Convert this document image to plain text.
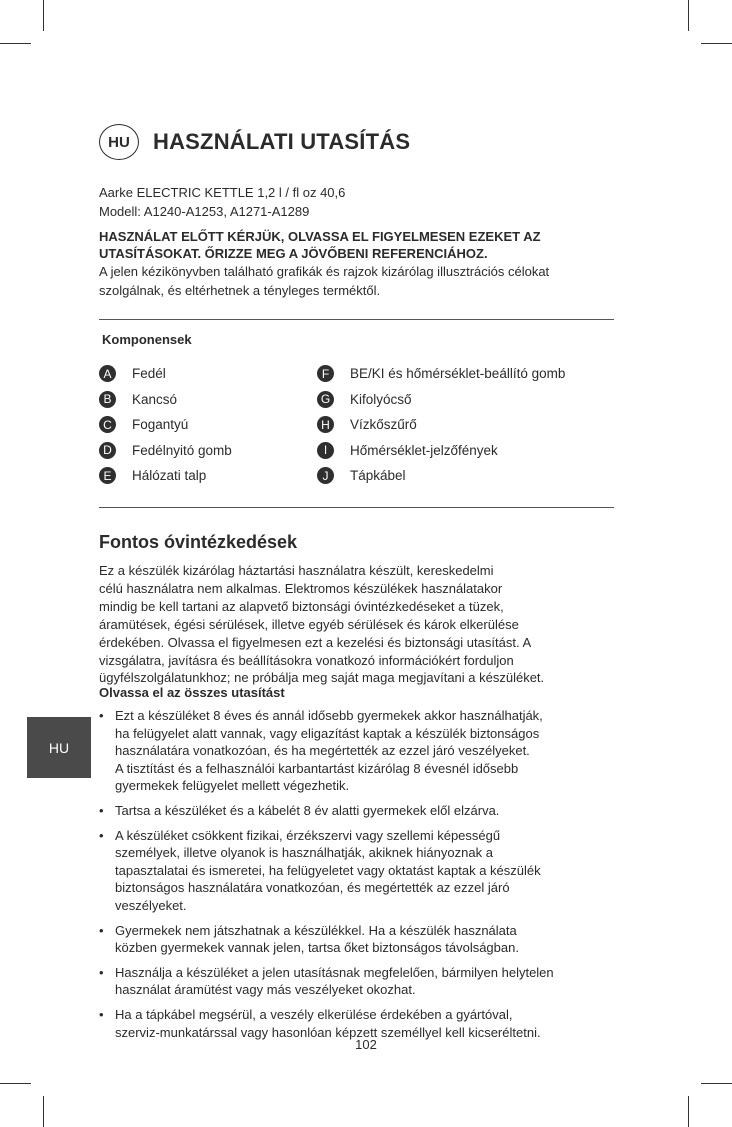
HU	HASZNÁLATI UTASÍTÁS
Aarke ELECTRIC KETTLE 1,2 l / fl oz 40,6
Modell: A1240-A1253, A1271-A1289
HASZNÁLAT ELŐTT KÉRJÜK, OLVASSA EL FIGYELMESEN EZEKET AZ
UTASÍTÁSOKAT. ŐRIZZE MEG A JÖVŐBENI REFERENCIÁHOZ.
A jelen kézikönyvben található grafikák és rajzok kizárólag illusztrációs célokat
szolgálnak, és eltérhetnek a tényleges terméktől.
Komponensek
A	Fedél
B	Kancsó
C	Fogantyú
D	Fedélnyitó gomb
E	Hálózati talp
F	BE/KI és hőmérséklet-beállító gomb
G Kifolyócső
H	Vízkőszűrő
I	Hőmérséklet-jelzőfények
J	Tápkábel
Fontos óvintézkedések
Ez a készülék kizárólag háztartási használatra készült, kereskedelmi
célú használatra nem alkalmas. Elektromos készülékek használatakor
mindig be kell tartani az alapvető biztonsági óvintézkedéseket a tüzek,
áramütések, égési sérülések, illetve egyéb sérülések és károk elkerülése
érdekében. Olvassa el figyelmesen ezt a kezelési és biztonsági utasítást. A
vizsgálatra, javításra és beállításokra vonatkozó információkért forduljon
ügyfélszolgálatunkhoz; ne próbálja meg saját maga megjavítani a készüléket.
Olvassa el az összes utasítást
• Ezt a készüléket 8 éves és annál idősebb gyermekek akkor használhatják,
ha felügyelet alatt vannak, vagy eligazítást kaptak a készülék biztonságos
használatára vonatkozóan, és ha megértették az ezzel járó veszélyeket.
A tisztítást és a felhasználói karbantartást kizárólag 8 évesnél idősebb
gyermekek felügyelet mellett végezhetik.
• Tartsa a készüléket és a kábelét 8 év alatti gyermekek elől elzárva.
• A készüléket csökkent fizikai, érzékszervi vagy szellemi képességű
személyek, illetve olyanok is használhatják, akiknek hiányoznak a
tapasztalatai és ismeretei, ha felügyeletet vagy oktatást kaptak a készülék
biztonságos használatára vonatkozóan, és megértették az ezzel járó
veszélyeket.
• Gyermekek nem játszhatnak a készülékkel. Ha a készülék használata
közben gyermekek vannak jelen, tartsa őket biztonságos távolságban.
• Használja a készüléket a jelen utasításnak megfelelően, bármilyen helytelen
használat áramütést vagy más veszélyeket okozhat.
• Ha a tápkábel megsérül, a veszély elkerülése érdekében a gyártóval,
szerviz-munkatárssal vagy hasonlóan képzett személlyel kell kicseréltetni.
HU
102
